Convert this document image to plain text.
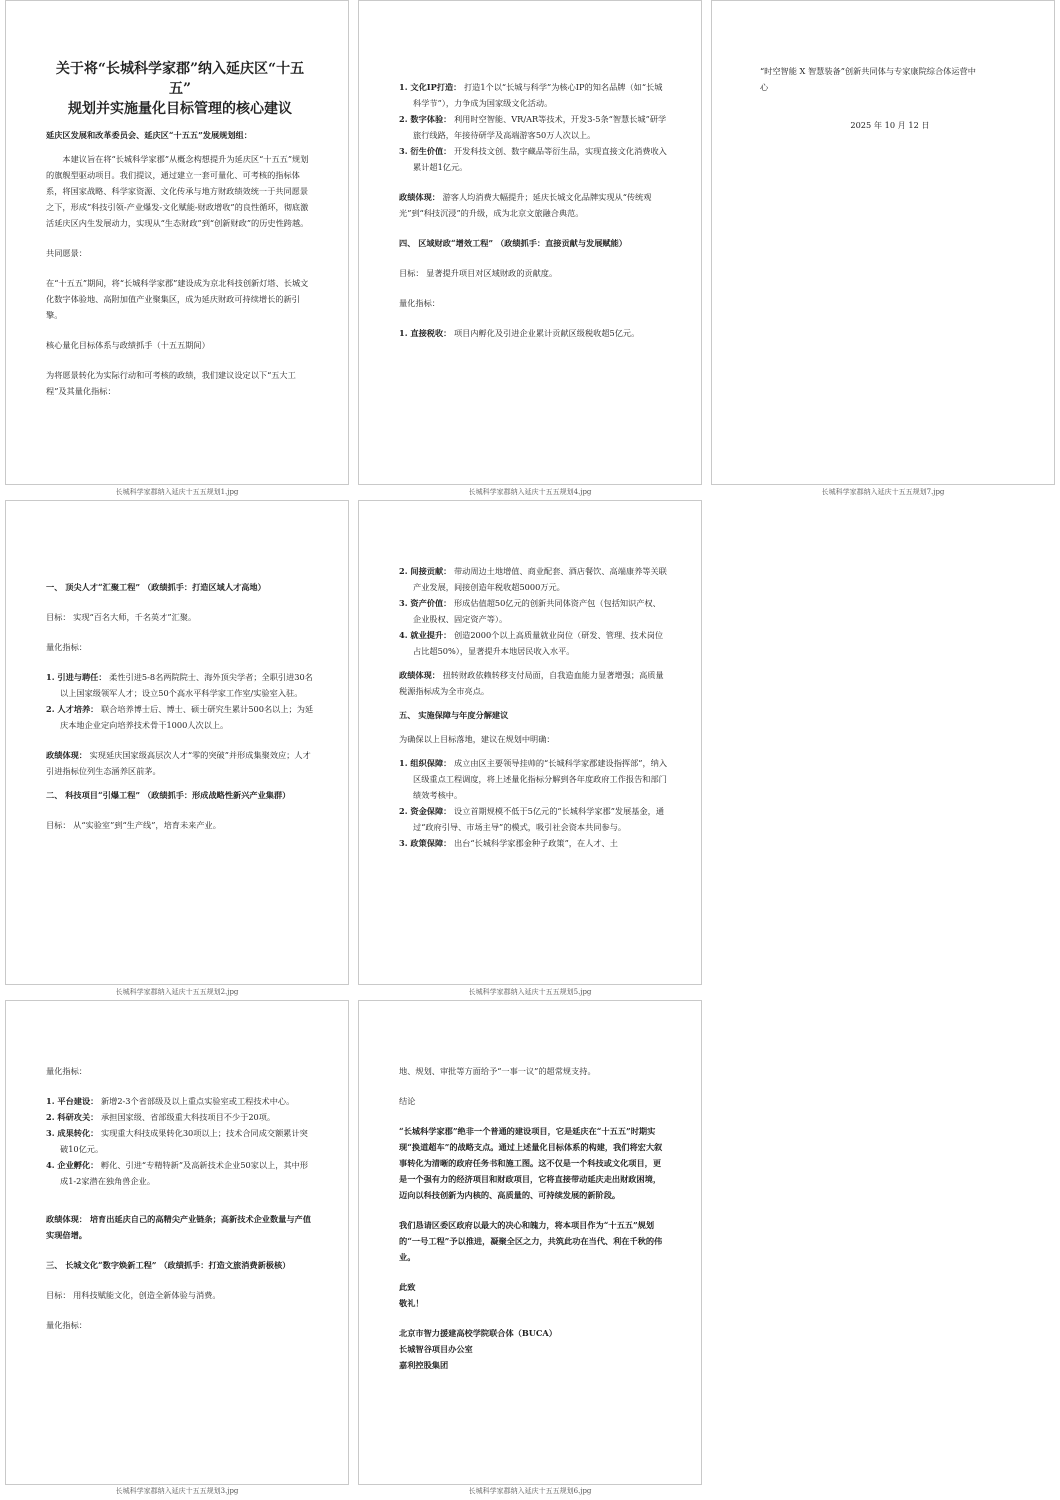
关于将“长城科学家郡”纳入延庆区“十五五”

规划并实施量化目标管理的核心建议

延庆区发展和改革委员会、延庆区“十五五”发展规划组：

本建议旨在将“长城科学家郡”从概念构想提升为延庆区“十五五”规划的旗舰型驱动项目。我们提议，通过建立一套可量化、可考核的指标体系，将国家战略、科学家资源、文化传承与地方财政绩效统一于共同愿景之下，形成“科技引领-产业爆发-文化赋能-财政增收”的良性循环，彻底激活延庆区内生发展动力，实现从“生态财政”到“创新财政”的历史性跨越。

共同愿景：

在“十五五”期间，将“长城科学家郡”建设成为京北科技创新灯塔、长城文化数字体验地、高附加值产业聚集区，成为延庆财政可持续增长的新引擎。

核心量化目标体系与政绩抓手（十五五期间）

为将愿景转化为实际行动和可考核的政绩，我们建议设定以下“五大工程”及其量化指标：

长城科学家郡纳入延庆十五五规划1.jpg

1. 文化IP打造： 打造1个以“长城与科学”为核心IP的知名品牌（如“长城科学节”），力争成为国家级文化活动。

2. 数字体验： 利用时空智能、VR/AR等技术，开发3-5条“智慧长城”研学旅行线路，年接待研学及高端游客50万人次以上。

3. 衍生价值： 开发科技文创、数字藏品等衍生品，实现直接文化消费收入累计超1亿元。

政绩体现： 游客人均消费大幅提升；延庆长城文化品牌实现从“传统观光”到“科技沉浸”的升级，成为北京文旅融合典范。

四、 区域财政“增效工程” （政绩抓手：直接贡献与发展赋能）

目标： 显著提升项目对区域财政的贡献度。

量化指标：

1. 直接税收： 项目内孵化及引进企业累计贡献区级税收超5亿元。

长城科学家郡纳入延庆十五五规划4.jpg

“时空智能 X 智慧装备”创新共同体与专家康院综合体运营中

心

2025 年 10 月 12 日

长城科学家郡纳入延庆十五五规划7.jpg

一、 顶尖人才“汇聚工程” （政绩抓手：打造区域人才高地）

目标： 实现“百名大师，千名英才”汇聚。

量化指标：

1. 引进与聘任： 柔性引进5-8名两院院士、海外顶尖学者；全职引进30名以上国家级领军人才；设立50个高水平科学家工作室/实验室入驻。

2. 人才培养： 联合培养博士后、博士、硕士研究生累计500名以上；为延庆本地企业定向培养技术骨干1000人次以上。

政绩体现： 实现延庆国家级高层次人才“零的突破”并形成集聚效应；人才引进指标位列生态涵养区前茅。

二、 科技项目“引爆工程” （政绩抓手：形成战略性新兴产业集群）

目标： 从“实验室”到“生产线”，培育未来产业。

长城科学家郡纳入延庆十五五规划2.jpg

2. 间接贡献： 带动周边土地增值、商业配套、酒店餐饮、高端康养等关联产业发展，间接创造年税收超5000万元。

3. 资产价值： 形成估值超50亿元的创新共同体资产包（包括知识产权、企业股权、固定资产等）。

4. 就业提升： 创造2000个以上高质量就业岗位（研发、管理、技术岗位占比超50%），显著提升本地居民收入水平。

政绩体现： 扭转财政依赖转移支付局面，自我造血能力显著增强；高质量税源指标成为全市亮点。

五、 实施保障与年度分解建议

为确保以上目标落地，建议在规划中明确：

1. 组织保障： 成立由区主要领导挂帅的“长城科学家郡建设指挥部”，纳入区级重点工程调度，将上述量化指标分解到各年度政府工作报告和部门绩效考核中。

2. 资金保障： 设立首期规模不低于5亿元的“长城科学家郡”发展基金，通过“政府引导、市场主导”的模式，吸引社会资本共同参与。

3. 政策保障： 出台“长城科学家郡金种子政策”，在人才、土

长城科学家郡纳入延庆十五五规划5.jpg

量化指标：

1. 平台建设： 新增2-3个省部级及以上重点实验室或工程技术中心。

2. 科研攻关： 承担国家级、省部级重大科技项目不少于20项。

3. 成果转化： 实现重大科技成果转化30项以上；技术合同成交额累计突破10亿元。

4. 企业孵化： 孵化、引进“专精特新”及高新技术企业50家以上，其中形成1-2家潜在独角兽企业。

政绩体现： 培育出延庆自己的高精尖产业链条；高新技术企业数量与产值实现倍增。

三、 长城文化“数字焕新工程” （政绩抓手：打造文旅消费新极核）

目标： 用科技赋能文化，创造全新体验与消费。

量化指标：

长城科学家郡纳入延庆十五五规划3.jpg

地、规划、审批等方面给予“一事一议”的超常规支持。

结论

“长城科学家郡”绝非一个普通的建设项目，它是延庆在“十五五”时期实现“换道超车”的战略支点。通过上述量化目标体系的构建，我们将宏大叙事转化为清晰的政府任务书和施工图。这不仅是一个科技或文化项目，更是一个强有力的经济项目和财政项目，它将直接带动延庆走出财政困境，迈向以科技创新为内核的、高质量的、可持续发展的新阶段。

我们恳请区委区政府以最大的决心和魄力，将本项目作为“十五五”规划的“一号工程”予以推进，凝聚全区之力，共筑此功在当代、利在千秋的伟业。

此致

敬礼！

北京市智力援建高校学院联合体（BUCA）

长城智谷项目办公室

嘉利控股集团

长城科学家郡纳入延庆十五五规划6.jpg
